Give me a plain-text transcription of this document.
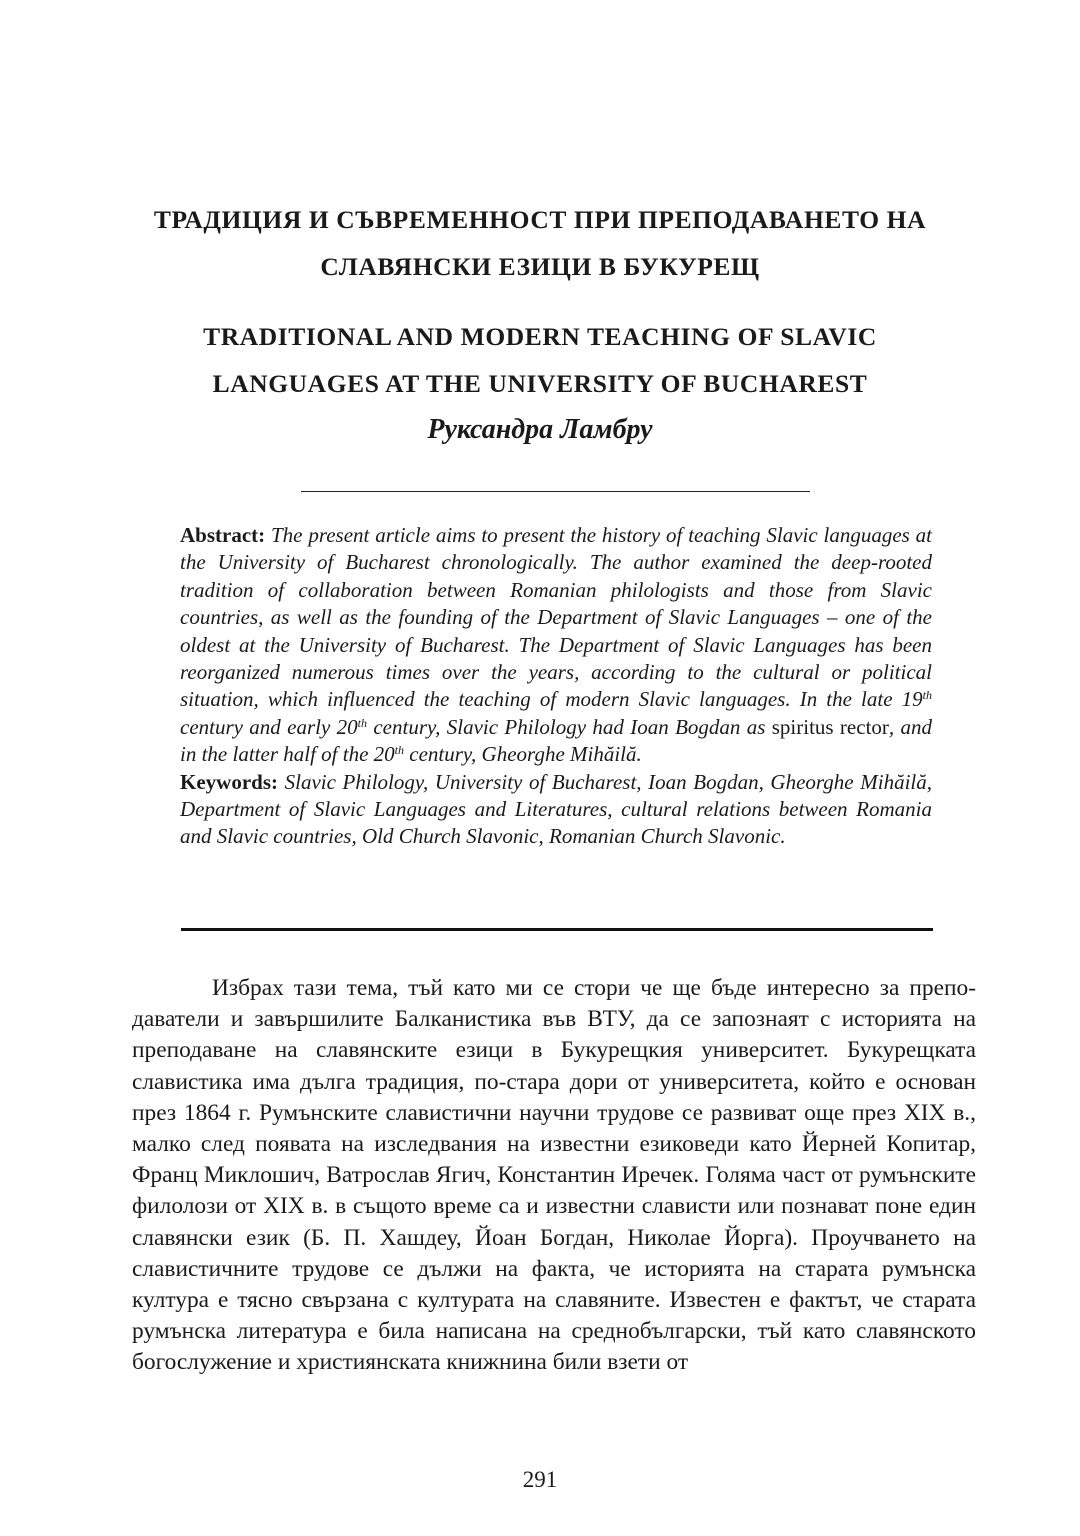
ТРАДИЦИЯ И СЪВРЕМЕННОСТ ПРИ ПРЕПОДАВАНЕТО НА
СЛАВЯНСКИ ЕЗИЦИ В БУКУРЕЩ
TRADITIONAL AND MODERN TEACHING OF SLAVIC
LANGUAGES AT THE UNIVERSITY OF BUCHAREST
Руксандра Ламбру

Abstract: The present article aims to present the history of teaching Slavic languages at the University of Bucharest chronologically. The author examined the deep-rooted tradition of collaboration between Romanian philologists and those from Slavic countries, as well as the founding of the Department of Slavic Languages – one of the oldest at the University of Bucharest. The Department of Slavic Languages has been reorganized numerous times over the years, according to the cultural or political situation, which influenced the teaching of modern Slavic languages. In the late 19th century and early 20th century, Slavic Philology had Ioan Bogdan as spiritus rector, and in the latter half of the 20th century, Gheorghe Mihăilă.

Keywords: Slavic Philology, University of Bucharest, Ioan Bogdan, Gheorghe Mihăilă, Department of Slavic Languages and Literatures, cultural relations between Romania and Slavic countries, Old Church Slavonic, Romanian Church Slavonic.

Избрах тази тема, тъй като ми се стори че ще бъде интересно за преподаватели и завършилите Балканистика във ВТУ, да се запознаят с историята на преподаване на славянските езици в Букурещкия университет. Букурещката славистика има дълга традиция, по-стара дори от университета, който е основан през 1864 г. Румънските славистични научни трудове се развиват още през XIX в., малко след появата на изследвания на известни езиковеди като Йерней Копитар, Франц Миклошич, Ватрослав Ягич, Константин Иречек. Голяма част от румънските филолози от XIX в. в същото време са и известни слависти или познават поне един славянски език (Б. П. Хашдеу, Йоан Богдан, Николае Йорга). Проучването на славистичните трудове се дължи на факта, че историята на старата румънска култура е тясно свързана с културата на славяните. Известен е фактът, че старата румънска литература е била написана на среднобългарски, тъй като славянското богослужение и християнската книжнина били взети от

291
